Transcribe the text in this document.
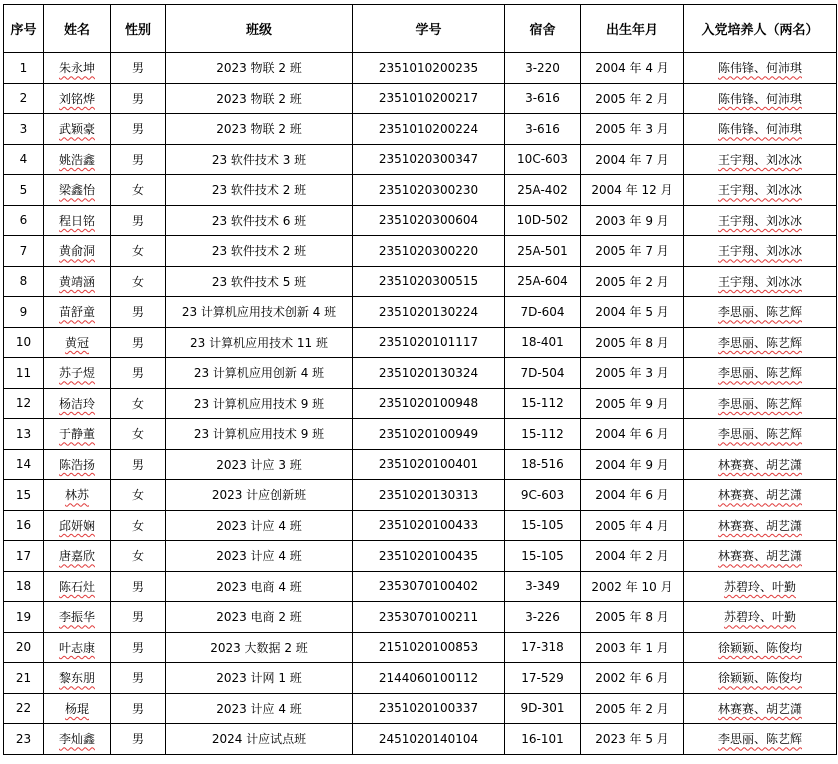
序号	姓名	性别	班级	学号	宿舍	出生年月	入党培养人（两名）
1	朱永坤	男	2023 物联 2 班	2351010200235	3-220	2004 年 4 月	陈伟锋、何沛琪
2	刘铭烨	男	2023 物联 2 班	2351010200217	3-616	2005 年 2 月	陈伟锋、何沛琪
3	武颖豪	男	2023 物联 2 班	2351010200224	3-616	2005 年 3 月	陈伟锋、何沛琪
4	姚浩鑫	男	23 软件技术 3 班	2351020300347	10C-603	2004 年 7 月	王宇翔、刘冰冰
5	梁鑫怡	女	23 软件技术 2 班	2351020300230	25A-402	2004 年 12 月	王宇翔、刘冰冰
6	程日铭	男	23 软件技术 6 班	2351020300604	10D-502	2003 年 9 月	王宇翔、刘冰冰
7	黄俞洞	女	23 软件技术 2 班	2351020300220	25A-501	2005 年 7 月	王宇翔、刘冰冰
8	黄靖涵	女	23 软件技术 5 班	2351020300515	25A-604	2005 年 2 月	王宇翔、刘冰冰
9	苗舒童	男	23 计算机应用技术创新 4 班	2351020130224	7D-604	2004 年 5 月	李思丽、陈艺辉
10	黄冠	男	23 计算机应用技术 11 班	2351020101117	18-401	2005 年 8 月	李思丽、陈艺辉
11	苏子煜	男	23 计算机应用创新 4 班	2351020130324	7D-504	2005 年 3 月	李思丽、陈艺辉
12	杨洁玲	女	23 计算机应用技术 9 班	2351020100948	15-112	2005 年 9 月	李思丽、陈艺辉
13	于静董	女	23 计算机应用技术 9 班	2351020100949	15-112	2004 年 6 月	李思丽、陈艺辉
14	陈浩扬	男	2023 计应 3 班	2351020100401	18-516	2004 年 9 月	林赛赛、胡艺潇
15	林苏	女	2023 计应创新班	2351020130313	9C-603	2004 年 6 月	林赛赛、胡艺潇
16	邱妍娴	女	2023 计应 4 班	2351020100433	15-105	2005 年 4 月	林赛赛、胡艺潇
17	唐嘉欣	女	2023 计应 4 班	2351020100435	15-105	2004 年 2 月	林赛赛、胡艺潇
18	陈石灶	男	2023 电商 4 班	2353070100402	3-349	2002 年 10 月	苏碧玲、叶勤
19	李振华	男	2023 电商 2 班	2353070100211	3-226	2005 年 8 月	苏碧玲、叶勤
20	叶志康	男	2023 大数据 2 班	2151020100853	17-318	2003 年 1 月	徐颖颖、陈俊均
21	黎东朋	男	2023 计网 1 班	2144060100112	17-529	2002 年 6 月	徐颖颖、陈俊均
22	杨琨	男	2023 计应 4 班	2351020100337	9D-301	2005 年 2 月	林赛赛、胡艺潇
23	李灿鑫	男	2024 计应试点班	2451020140104	16-101	2023 年 5 月	李思丽、陈艺辉
